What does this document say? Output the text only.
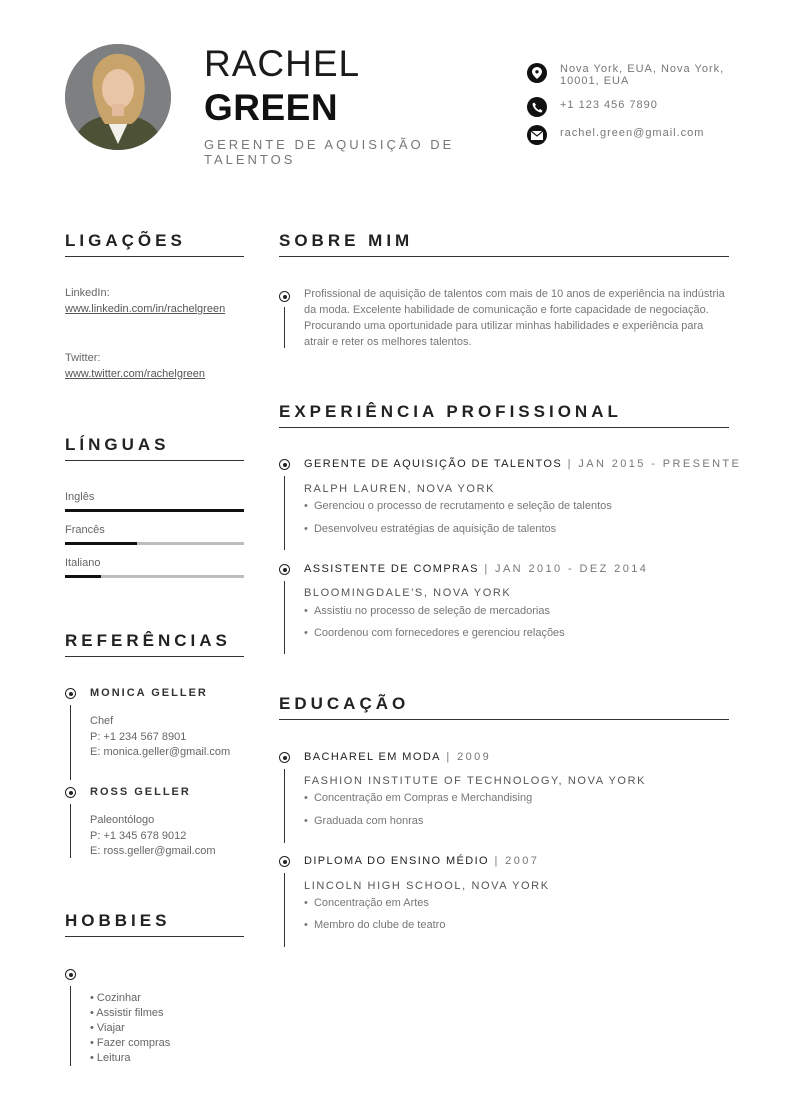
RACHEL
GREEN
GERENTE DE AQUISIÇÃO DE TALENTOS
Nova York, EUA, Nova York, 10001, EUA
+1 123 456 7890
rachel.green@gmail.com
LIGAÇÕES
LinkedIn:
www.linkedin.com/in/rachelgreen
Twitter:
www.twitter.com/rachelgreen
LÍNGUAS
Inglês
Francês
Italiano
REFERÊNCIAS
MONICA GELLER
Chef
P: +1 234 567 8901
E: monica.geller@gmail.com
ROSS GELLER
Paleontólogo
P: +1 345 678 9012
E: ross.geller@gmail.com
HOBBIES
• Cozinhar
• Assistir filmes
• Viajar
• Fazer compras
• Leitura
SOBRE MIM
Profissional de aquisição de talentos com mais de 10 anos de experiência na indústria da moda. Excelente habilidade de comunicação e forte capacidade de negociação. Procurando uma oportunidade para utilizar minhas habilidades e experiência para atrair e reter os melhores talentos.
EXPERIÊNCIA PROFISSIONAL
GERENTE DE AQUISIÇÃO DE TALENTOS | JAN 2015 - PRESENTE
RALPH LAUREN, NOVA YORK
•  Gerenciou o processo de recrutamento e seleção de talentos
•  Desenvolveu estratégias de aquisição de talentos
ASSISTENTE DE COMPRAS | JAN 2010 - DEZ 2014
BLOOMINGDALE'S, NOVA YORK
•  Assistiu no processo de seleção de mercadorias
•  Coordenou com fornecedores e gerenciou relações
EDUCAÇÃO
BACHAREL EM MODA | 2009
FASHION INSTITUTE OF TECHNOLOGY, NOVA YORK
•  Concentração em Compras e Merchandising
•  Graduada com honras
DIPLOMA DO ENSINO MÉDIO | 2007
LINCOLN HIGH SCHOOL, NOVA YORK
•  Concentração em Artes
•  Membro do clube de teatro
